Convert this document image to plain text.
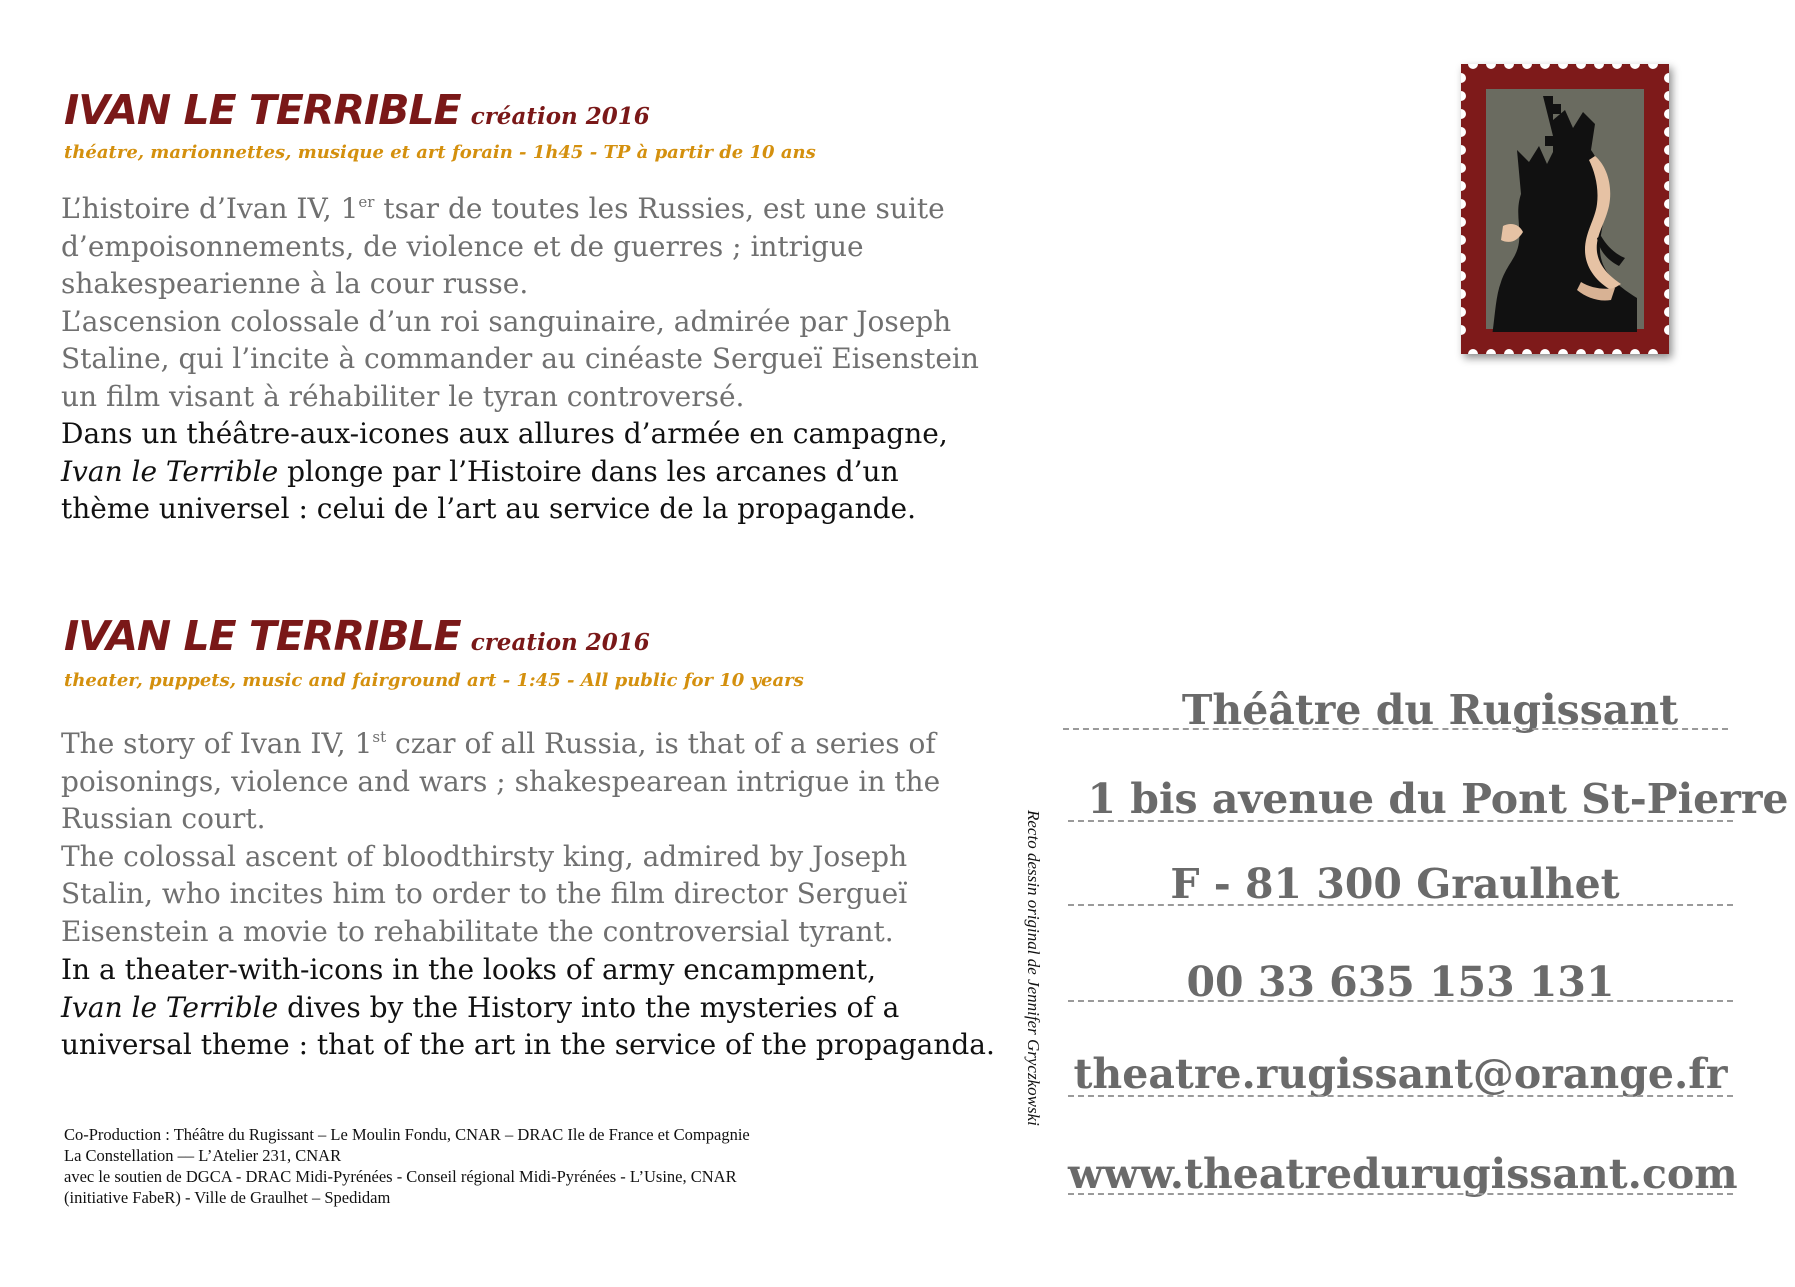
IVAN LE TERRIBLE création 2016
théatre, marionnettes, musique et art forain - 1h45 - TP à partir de 10 ans

L’histoire d’Ivan IV, 1er tsar de toutes les Russies, est une suite

d’empoisonnements, de violence et de guerres ; intrigue

shakespearienne à la cour russe.

L’ascension colossale d’un roi sanguinaire, admirée par Joseph

Staline, qui l’incite à commander au cinéaste Sergueï Eisenstein

un film visant à réhabiliter le tyran controversé.

Dans un théâtre-aux-icones aux allures d’armée en campagne,

Ivan le Terrible plonge par l’Histoire dans les arcanes d’un

thème universel : celui de l’art au service de la propagande.

IVAN LE TERRIBLE creation 2016
theater, puppets, music and fairground art - 1:45 - All public for 10 years

The story of Ivan IV, 1st czar of all Russia, is that of a series of

poisonings, violence and wars ; shakespearean intrigue in the

Russian court.

The colossal ascent of bloodthirsty king, admired by Joseph

Stalin, who incites him to order to the film director Sergueï

Eisenstein a movie to rehabilitate the controversial tyrant.

In a theater-with-icons in the looks of army encampment,

Ivan le Terrible dives by the History into the mysteries of a

universal theme : that of the art in the service of the propaganda.

Co-Production : Théâtre du Rugissant – Le Moulin Fondu, CNAR – DRAC Ile de France et Compagnie
La Constellation –– L’Atelier 231, CNAR
avec le soutien de DGCA - DRAC Midi-Pyrénées - Conseil régional Midi-Pyrénées - L’Usine, CNAR
(initiative FabeR) - Ville de Graulhet – Spedidam
Recto dessin original de Jennifer Gryczkowski
Théâtre du Rugissant
1 bis avenue du Pont St-Pierre
F - 81 300 Graulhet
00 33 635 153 131
theatre.rugissant@orange.fr
www.theatredurugissant.com
